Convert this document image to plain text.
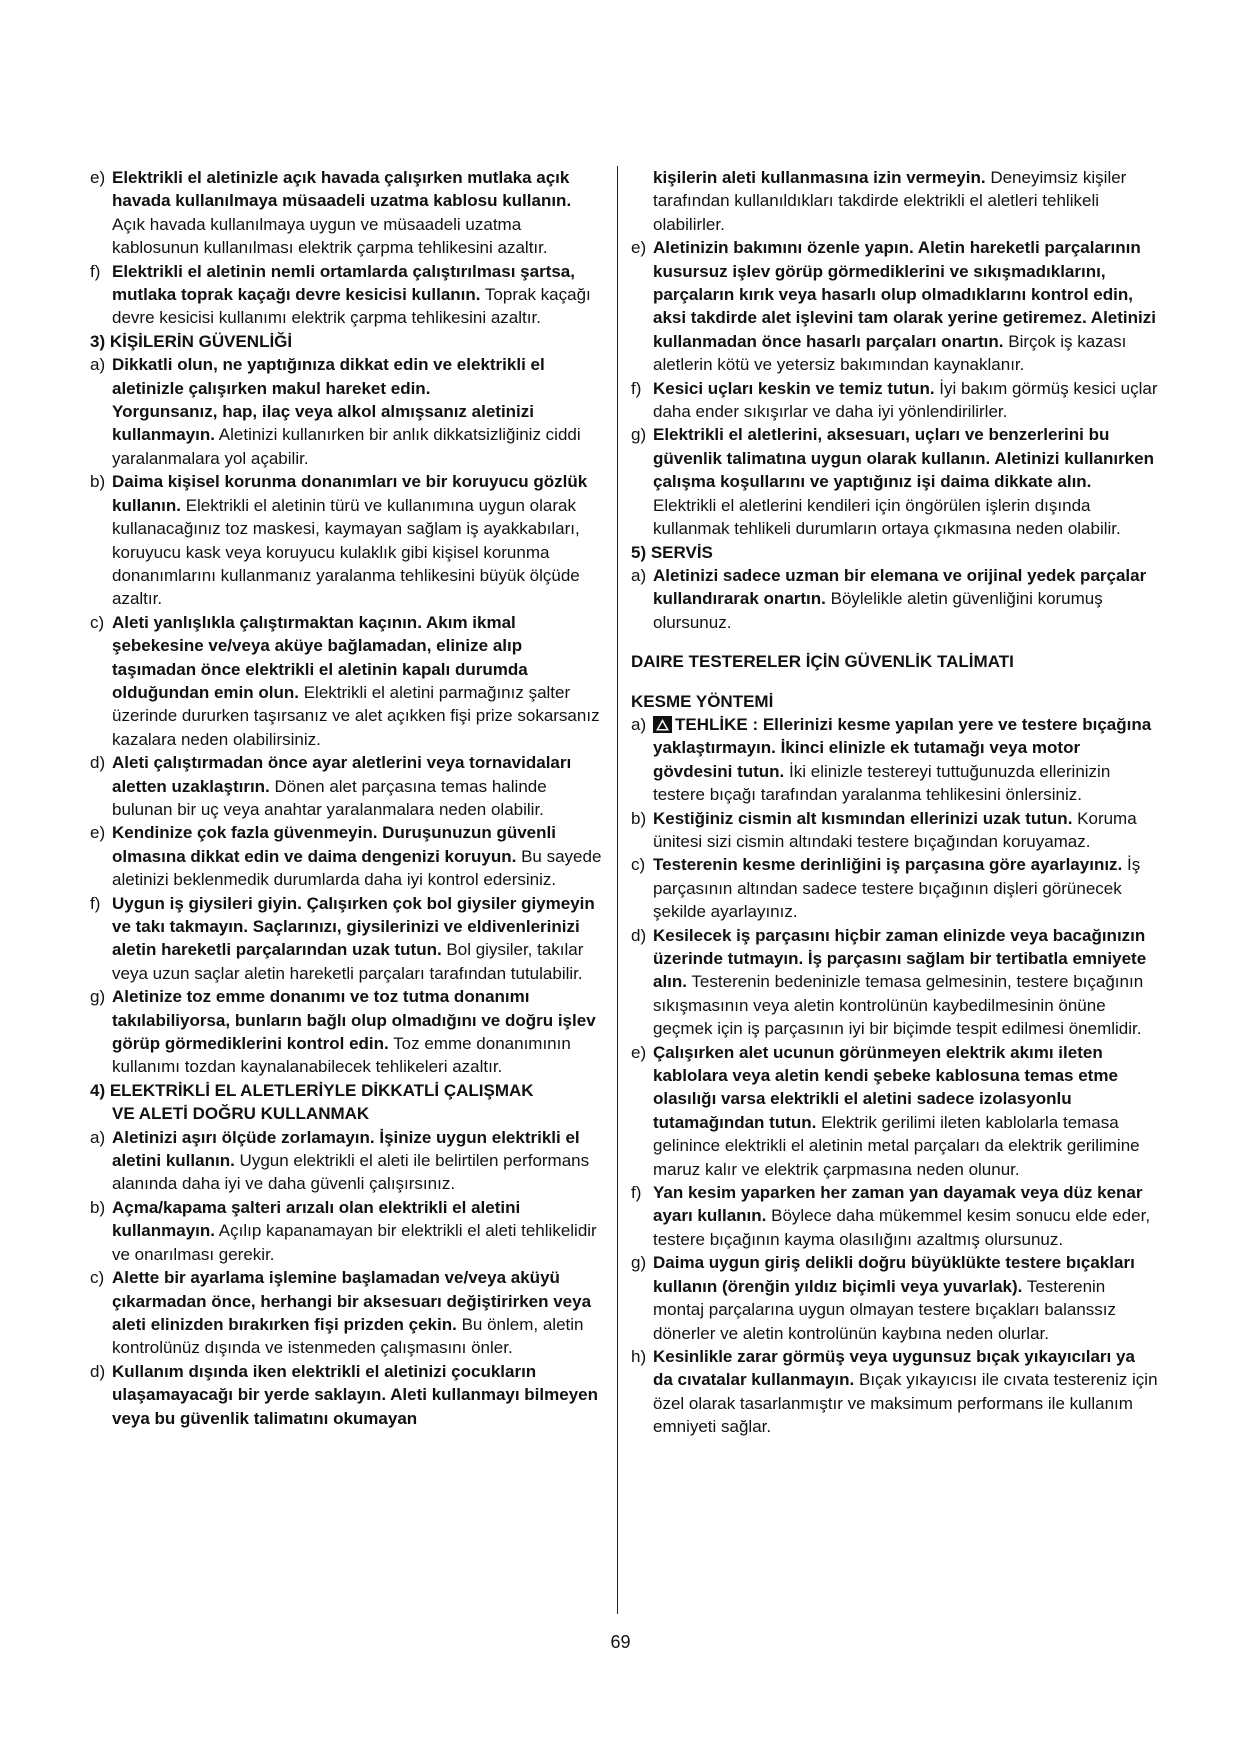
e) Elektrikli el aletinizle açık havada çalışırken mutlaka açık havada kullanılmaya müsaadeli uzatma kablosu kullanın. Açık havada kullanılmaya uygun ve müsaadeli uzatma kablosunun kullanılması elektrik çarpma tehlikesini azaltır.
f) Elektrikli el aletinin nemli ortamlarda çalıştırılması şartsa, mutlaka toprak kaçağı devre kesicisi kullanın. Toprak kaçağı devre kesicisi kullanımı elektrik çarpma tehlikesini azaltır.
3) KİŞİLERİN GÜVENLİĞİ
a) Dikkatli olun, ne yaptığınıza dikkat edin ve elektrikli el aletinizle çalışırken makul hareket edin.
Yorgunsanız, hap, ilaç veya alkol almışsanız aletinizi kullanmayın. Aletinizi kullanırken bir anlık dikkatsizliğiniz ciddi yaralanmalara yol açabilir.
b) Daima kişisel korunma donanımları ve bir koruyucu gözlük kullanın. Elektrikli el aletinin türü ve kullanımına uygun olarak kullanacağınız toz maskesi, kaymayan sağlam iş ayakkabıları, koruyucu kask veya koruyucu kulaklık gibi kişisel korunma donanımlarını kullanmanız yaralanma tehlikesini büyük ölçüde azaltır.
c) Aleti yanlışlıkla çalıştırmaktan kaçının. Akım ikmal şebekesine ve/veya aküye bağlamadan, elinize alıp taşımadan önce elektrikli el aletinin kapalı durumda olduğundan emin olun. Elektrikli el aletini parmağınız şalter üzerinde dururken taşırsanız ve alet açıkken fişi prize sokarsanız kazalara neden olabilirsiniz.
d) Aleti çalıştırmadan önce ayar aletlerini veya tornavidaları aletten uzaklaştırın. Dönen alet parçasına temas halinde bulunan bir uç veya anahtar yaralanmalara neden olabilir.
e) Kendinize çok fazla güvenmeyin. Duruşunuzun güvenli olmasına dikkat edin ve daima dengenizi koruyun. Bu sayede aletinizi beklenmedik durumlarda daha iyi kontrol edersiniz.
f) Uygun iş giysileri giyin. Çalışırken çok bol giysiler giymeyin ve takı takmayın. Saçlarınızı, giysilerinizi ve eldivenlerinizi aletin hareketli parçalarından uzak tutun. Bol giysiler, takılar veya uzun saçlar aletin hareketli parçaları tarafından tutulabilir.
g) Aletinize toz emme donanımı ve toz tutma donanımı takılabiliyorsa, bunların bağlı olup olmadığını ve doğru işlev görüp görmediklerini kontrol edin. Toz emme donanımının kullanımı tozdan kaynalanabilecek tehlikeleri azaltır.
4) ELEKTRİKLİ EL ALETLERİYLE DİKKATLİ ÇALIŞMAK
VE ALETİ DOĞRU KULLANMAK
a) Aletinizi aşırı ölçüde zorlamayın. İşinize uygun elektrikli el aletini kullanın. Uygun elektrikli el aleti ile belirtilen performans alanında daha iyi ve daha güvenli çalışırsınız.
b) Açma/kapama şalteri arızalı olan elektrikli el aletini kullanmayın. Açılıp kapanamayan bir elektrikli el aleti tehlikelidir ve onarılması gerekir.
c) Alette bir ayarlama işlemine başlamadan ve/veya aküyü çıkarmadan önce, herhangi bir aksesuarı değiştirirken veya aleti elinizden bırakırken fişi prizden çekin. Bu önlem, aletin kontrolünüz dışında ve istenmeden çalışmasını önler.
d) Kullanım dışında iken elektrikli el aletinizi çocukların ulaşamayacağı bir yerde saklayın. Aleti kullanmayı bilmeyen veya bu güvenlik talimatını okumayan
kişilerin aleti kullanmasına izin vermeyin. Deneyimsiz kişiler tarafından kullanıldıkları takdirde elektrikli el aletleri tehlikeli olabilirler.
e) Aletinizin bakımını özenle yapın. Aletin hareketli parçalarının kusursuz işlev görüp görmediklerini ve sıkışmadıklarını, parçaların kırık veya hasarlı olup olmadıklarını kontrol edin, aksi takdirde alet işlevini tam olarak yerine getiremez. Aletinizi kullanmadan önce hasarlı parçaları onartın. Birçok iş kazası aletlerin kötü ve yetersiz bakımından kaynaklanır.
f) Kesici uçları keskin ve temiz tutun. İyi bakım görmüş kesici uçlar daha ender sıkışırlar ve daha iyi yönlendirilirler.
g) Elektrikli el aletlerini, aksesuarı, uçları ve benzerlerini bu güvenlik talimatına uygun olarak kullanın. Aletinizi kullanırken çalışma koşullarını ve yaptığınız işi daima dikkate alın. Elektrikli el aletlerini kendileri için öngörülen işlerin dışında kullanmak tehlikeli durumların ortaya çıkmasına neden olabilir.
5) SERVİS
a) Aletinizi sadece uzman bir elemana ve orijinal yedek parçalar kullandırarak onartın. Böylelikle aletin güvenliğini korumuş olursunuz.
DAIRE TESTERELER İÇİN GÜVENLİK TALİMATI
KESME YÖNTEMİ
a)	TEHLİKE : Ellerinizi kesme yapılan yere ve testere bıçağına yaklaştırmayın. İkinci elinizle ek tutamağı veya motor gövdesini tutun. İki elinizle testereyi tuttuğunuzda ellerinizin testere bıçağı tarafından yaralanma tehlikesini önlersiniz.
b) Kestiğiniz cismin alt kısmından ellerinizi uzak tutun. Koruma ünitesi sizi cismin altındaki testere bıçağından koruyamaz.
c) Testerenin kesme derinliğini iş parçasına göre ayarlayınız. İş parçasının altından sadece testere bıçağının dişleri görünecek şekilde ayarlayınız.
d) Kesilecek iş parçasını hiçbir zaman elinizde veya bacağınızın üzerinde tutmayın. İş parçasını sağlam bir tertibatla emniyete alın. Testerenin bedeninizle temasa gelmesinin, testere bıçağının sıkışmasının veya aletin kontrolünün kaybedilmesinin önüne geçmek için iş parçasının iyi bir biçimde tespit edilmesi önemlidir.
e) Çalışırken alet ucunun görünmeyen elektrik akımı ileten kablolara veya aletin kendi şebeke kablosuna temas etme olasılığı varsa elektrikli el aletini sadece izolasyonlu tutamağından tutun. Elektrik gerilimi ileten kablolarla temasa gelinince elektrikli el aletinin metal parçaları da elektrik gerilimine maruz kalır ve elektrik çarpmasına neden olunur.
f) Yan kesim yaparken her zaman yan dayamak veya düz kenar ayarı kullanın. Böylece daha mükemmel kesim sonucu elde eder, testere bıçağının kayma olasılığını azaltmış olursunuz.
g) Daima uygun giriş delikli doğru büyüklükte testere bıçakları kullanın (örenğin yıldız biçimli veya yuvarlak). Testerenin montaj parçalarına uygun olmayan testere bıçakları balanssız dönerler ve aletin kontrolünün kaybına neden olurlar.
h) Kesinlikle zarar görmüş veya uygunsuz bıçak yıkayıcıları ya da cıvatalar kullanmayın. Bıçak yıkayıcısı ile cıvata testereniz için özel olarak tasarlanmıştır ve maksimum performans ile kullanım emniyeti sağlar.
69
